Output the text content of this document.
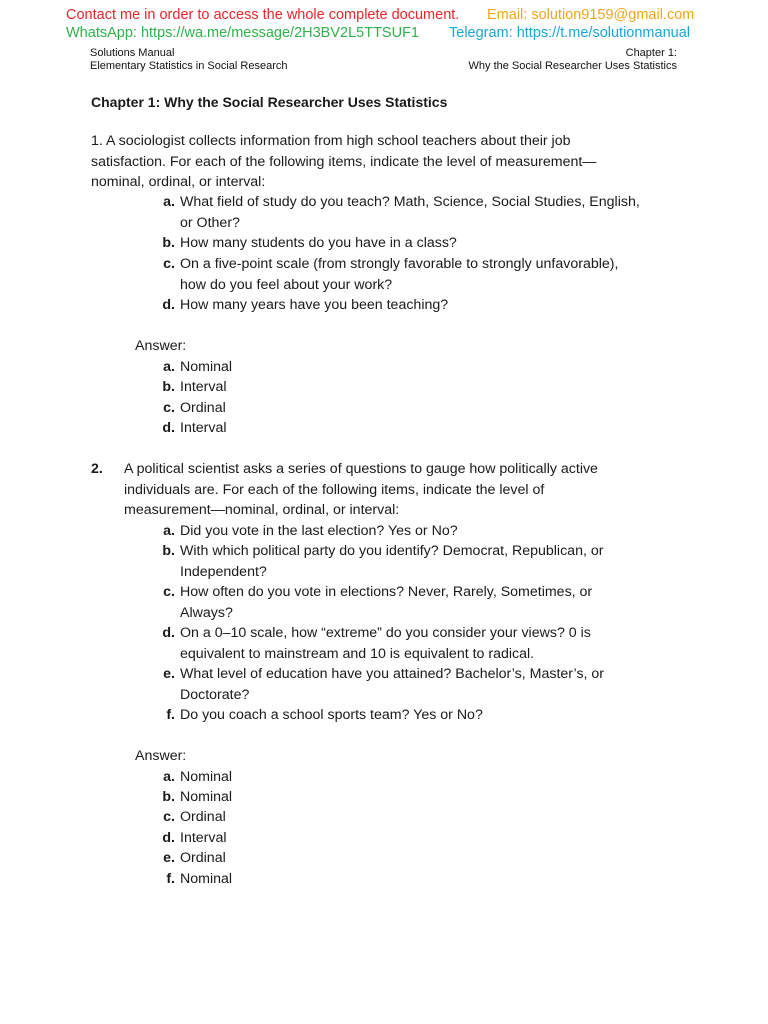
Contact me in order to access the whole complete document. Email: solution9159@gmail.com
WhatsApp: https://wa.me/message/2H3BV2L5TTSUF1 Telegram: https://t.me/solutionmanual
Solutions Manual
Elementary Statistics in Social Research
Chapter 1:
Why the Social Researcher Uses Statistics
Chapter 1: Why the Social Researcher Uses Statistics
1. A sociologist collects information from high school teachers about their job
satisfaction. For each of the following items, indicate the level of measurement—
nominal, ordinal, or interval:
a. What field of study do you teach? Math, Science, Social Studies, English,
or Other?
b. How many students do you have in a class?
c. On a five-point scale (from strongly favorable to strongly unfavorable),
how do you feel about your work?
d. How many years have you been teaching?
Answer:
a. Nominal
b. Interval
c. Ordinal
d. Interval
2. A political scientist asks a series of questions to gauge how politically active
individuals are. For each of the following items, indicate the level of
measurement—nominal, ordinal, or interval:
a. Did you vote in the last election? Yes or No?
b. With which political party do you identify? Democrat, Republican, or
Independent?
c. How often do you vote in elections? Never, Rarely, Sometimes, or
Always?
d. On a 0–10 scale, how “extreme” do you consider your views? 0 is
equivalent to mainstream and 10 is equivalent to radical.
e. What level of education have you attained? Bachelor’s, Master’s, or
Doctorate?
f. Do you coach a school sports team? Yes or No?
Answer:
a. Nominal
b. Nominal
c. Ordinal
d. Interval
e. Ordinal
f. Nominal
